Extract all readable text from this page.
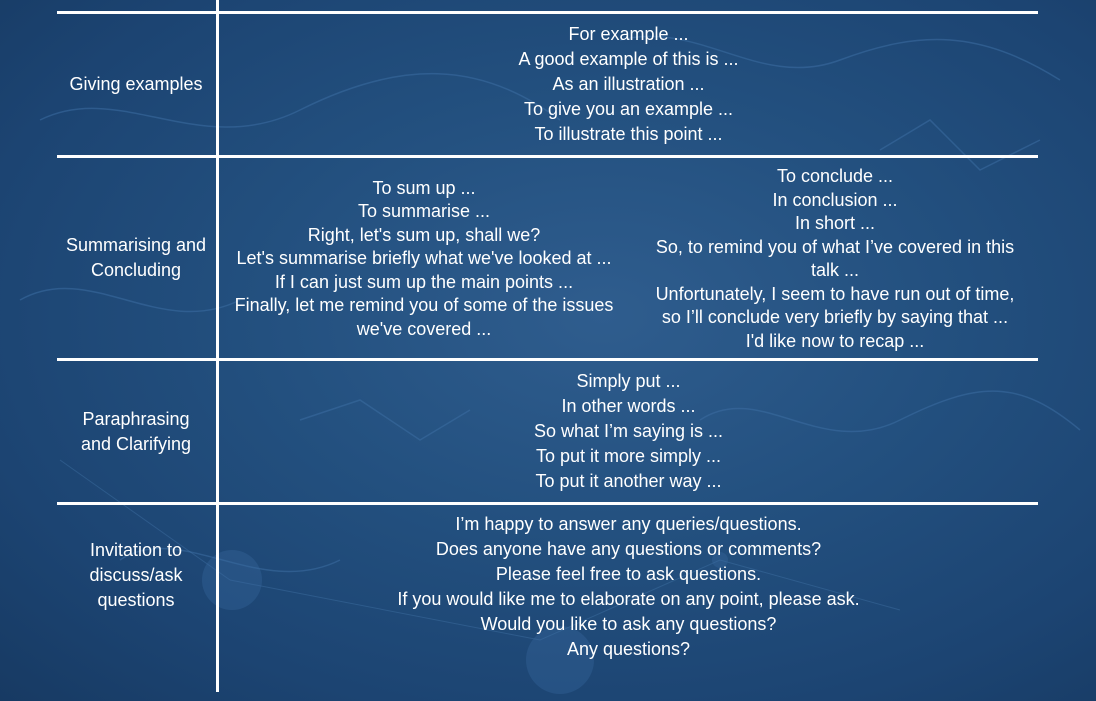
Giving examples
For example ...
A good example of this is ...
As an illustration ...
To give you an example ...
To illustrate this point ...
Summarising and Concluding
To sum up ...
To summarise ...
Right, let's sum up, shall we?
Let's summarise briefly what we've looked at ...
If I can just sum up the main points ...
Finally, let me remind you of some of the issues
we've covered ...
To conclude ...
In conclusion ...
In short ...
So, to remind you of what I’ve covered in this
talk ...
Unfortunately, I seem to have run out of time,
so I’ll conclude very briefly by saying that ...
I'd like now to recap ...
Paraphrasing and Clarifying
Simply put ...
In other words ...
So what I’m saying is ...
To put it more simply ...
To put it another way ...
Invitation to discuss/ask questions
I’m happy to answer any queries/questions.
Does anyone have any questions or comments?
Please feel free to ask questions.
If you would like me to elaborate on any point, please ask.
Would you like to ask any questions?
Any questions?
